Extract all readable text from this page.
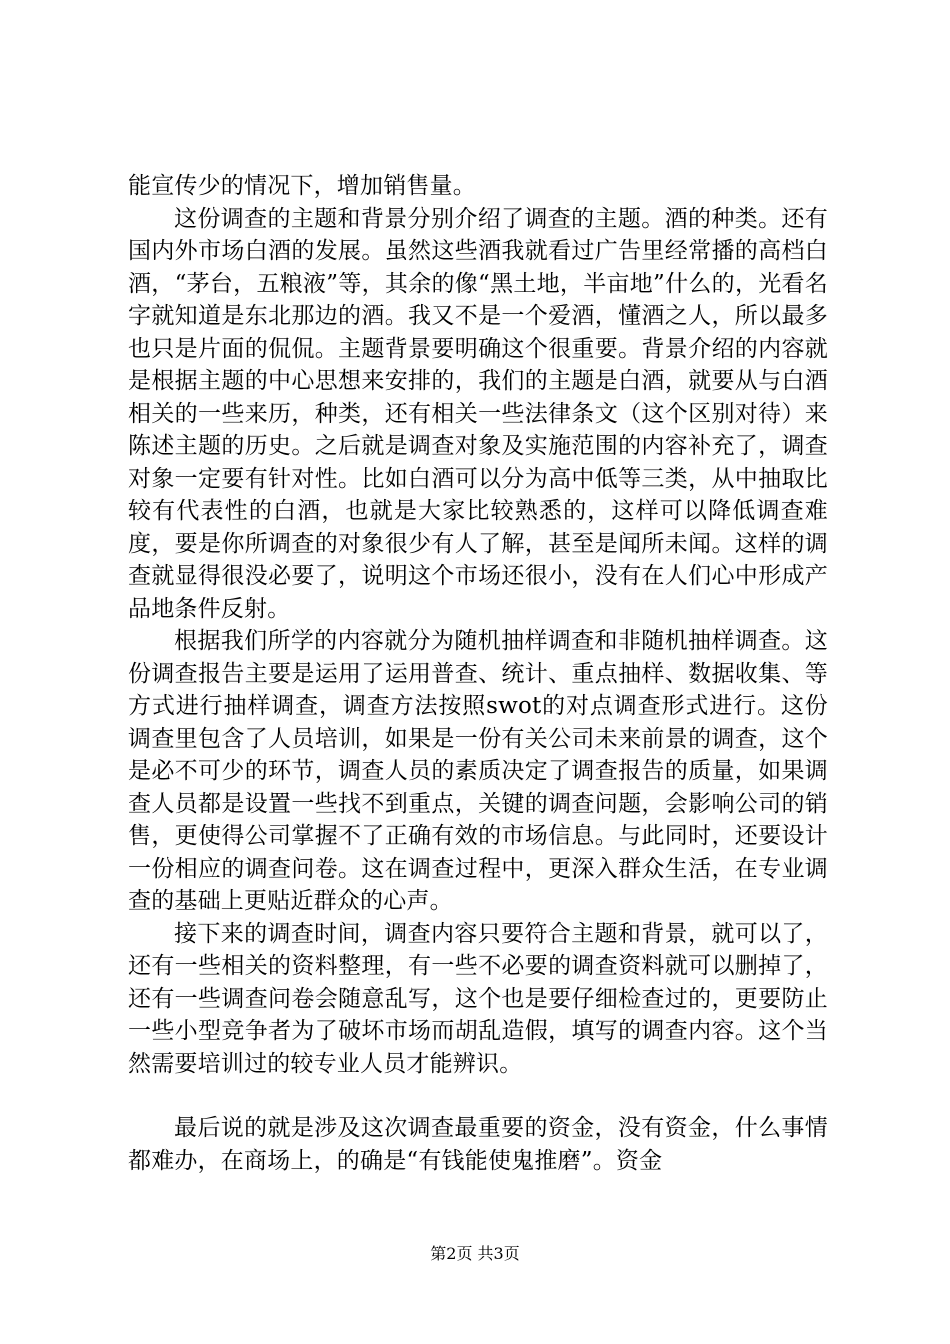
能宣传少的情况下，增加销售量。

这份调查的主题和背景分别介绍了调查的主题。酒的种类。还有国内外市场白酒的发展。虽然这些酒我就看过广告里经常播的高档白酒，“茅台，五粮液”等，其余的像“黑土地，半亩地”什么的，光看名字就知道是东北那边的酒。我又不是一个爱酒，懂酒之人，所以最多也只是片面的侃侃。主题背景要明确这个很重要。背景介绍的内容就是根据主题的中心思想来安排的，我们的主题是白酒，就要从与白酒相关的一些来历，种类，还有相关一些法律条文（这个区别对待）来陈述主题的历史。之后就是调查对象及实施范围的内容补充了，调查对象一定要有针对性。比如白酒可以分为高中低等三类，从中抽取比较有代表性的白酒，也就是大家比较熟悉的，这样可以降低调查难度，要是你所调查的对象很少有人了解，甚至是闻所未闻。这样的调查就显得很没必要了，说明这个市场还很小，没有在人们心中形成产品地条件反射。

根据我们所学的内容就分为随机抽样调查和非随机抽样调查。这份调查报告主要是运用了运用普查、统计、重点抽样、数据收集、等方式进行抽样调查，调查方法按照swot的对点调查形式进行。这份调查里包含了人员培训，如果是一份有关公司未来前景的调查，这个是必不可少的环节，调查人员的素质决定了调查报告的质量，如果调查人员都是设置一些找不到重点，关键的调查问题，会影响公司的销售，更使得公司掌握不了正确有效的市场信息。与此同时，还要设计一份相应的调查问卷。这在调查过程中，更深入群众生活，在专业调查的基础上更贴近群众的心声。

接下来的调查时间，调查内容只要符合主题和背景，就可以了，还有一些相关的资料整理，有一些不必要的调查资料就可以删掉了，还有一些调查问卷会随意乱写，这个也是要仔细检查过的，更要防止一些小型竞争者为了破坏市场而胡乱造假，填写的调查内容。这个当然需要培训过的较专业人员才能辨识。

最后说的就是涉及这次调查最重要的资金，没有资金，什么事情都难办，在商场上，的确是“有钱能使鬼推磨”。资金

第2页 共3页
